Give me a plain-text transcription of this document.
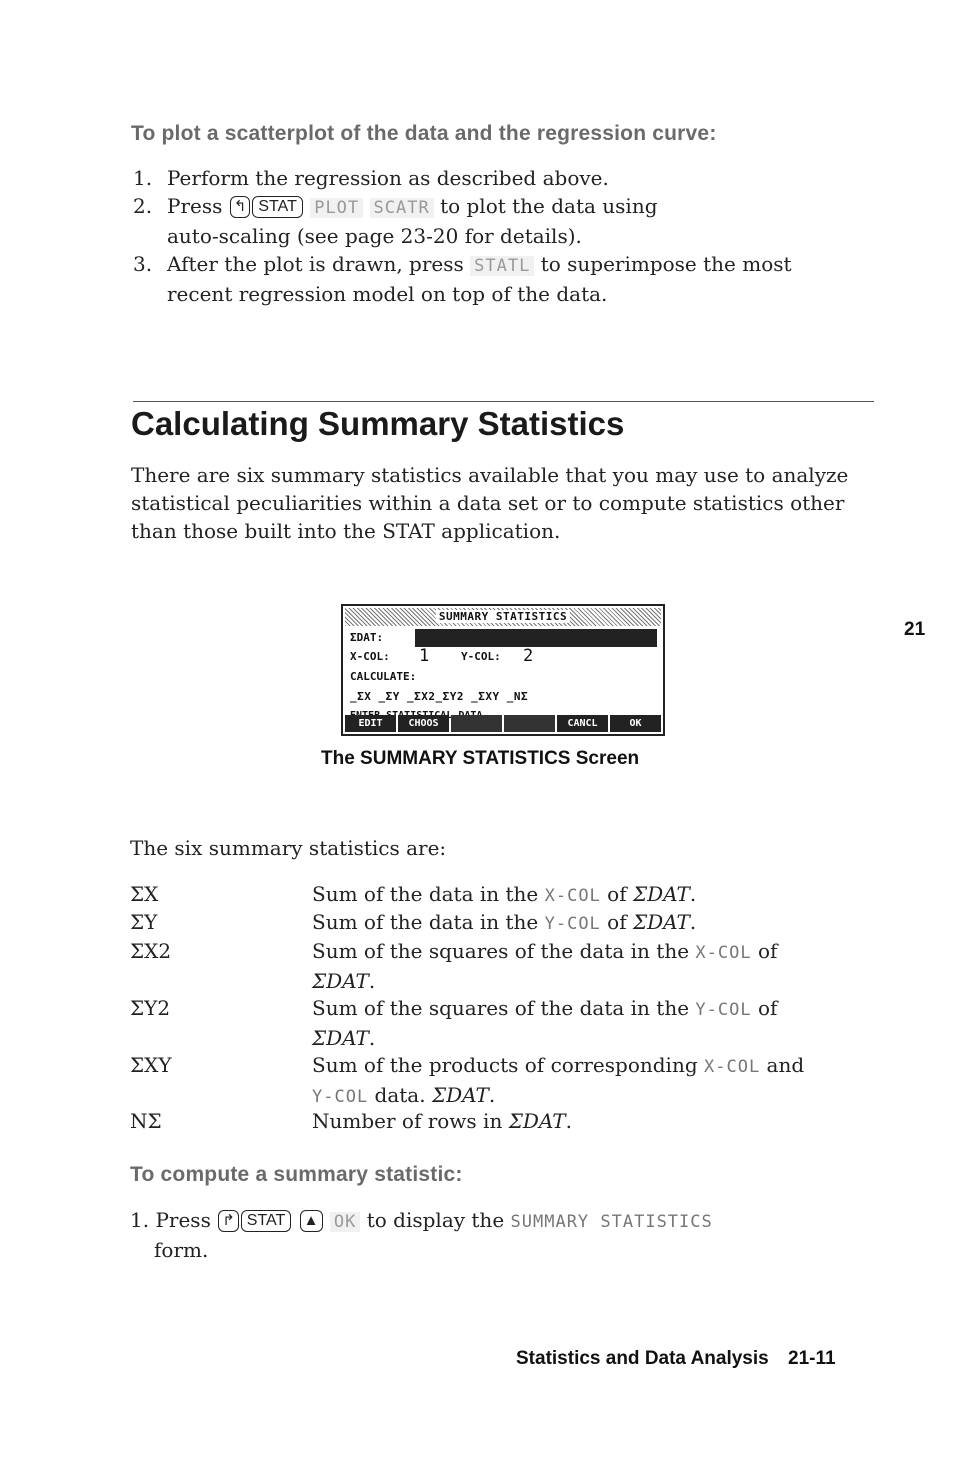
To plot a scatterplot of the data and the regression curve:
1. Perform the regression as described above.
2. Press ↰ STAT PLOT SCATR to plot the data using
auto-scaling (see page 23-20 for details).
3. After the plot is drawn, press STATL to superimpose the most
recent regression model on top of the data.
Calculating Summary Statistics
There are six summary statistics available that you may use to analyze
statistical peculiarities within a data set or to compute statistics other
than those built into the STAT application.
21
SUMMARY STATISTICS
ΣDAT:
X-COL: 1	Y-COL: 2
CALCULATE:
_ΣX _ΣY _ΣX2_ΣY2 _ΣXY _NΣ
EDIT	CHOOS	CANCL	OK
The SUMMARY STATISTICS Screen
The six summary statistics are:
ΣX	Sum of the data in the X-COL of ΣDAT.
ΣY	Sum of the data in the Y-COL of ΣDAT.
ΣX2	Sum of the squares of the data in the X-COL of
ΣDAT.
ΣY2	Sum of the squares of the data in the Y-COL of
ΣDAT.
ΣXY	Sum of the products of corresponding X-COL and
Y-COL data. ΣDAT.
NΣ	Number of rows in ΣDAT.
To compute a summary statistic:
1. Press ↱ STAT ▲ OK to display the SUMMARY STATISTICS
form.
Statistics and Data Analysis 21-11
